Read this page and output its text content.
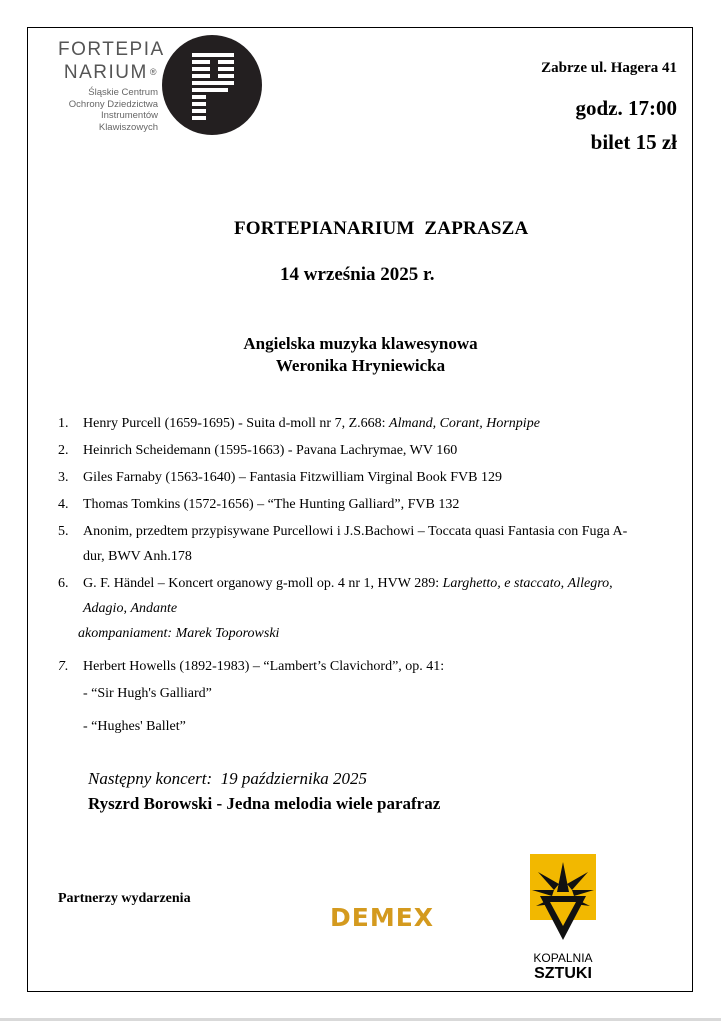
FORTEPIA
NARIUM ®
Śląskie Centrum
Ochrony Dziedzictwa
Instrumentów
Klawiszowych
Zabrze ul. Hagera 41
godz. 17:00
bilet 15 zł
FORTEPIANARIUM  ZAPRASZA
14 września 2025 r.
Angielska muzyka klawesynowa
Weronika Hryniewicka
1. Henry Purcell (1659-1695) - Suita d-moll nr 7, Z.668: Almand, Corant, Hornpipe
2. Heinrich Scheidemann (1595-1663) - Pavana Lachrymae, WV 160
3. Giles Farnaby (1563-1640) – Fantasia Fitzwilliam Virginal Book FVB 129
4. Thomas Tomkins (1572-1656) – “The Hunting Galliard”, FVB 132
5. Anonim, przedtem przypisywane Purcellowi i J.S.Bachowi – Toccata quasi Fantasia con Fuga A-
dur, BWV Anh.178
6. G. F. Händel – Koncert organowy g-moll op. 4 nr 1, HVW 289: Larghetto, e staccato, Allegro,
Adagio, Andante

akompaniament: Marek Toporowski
7. Herbert Howells (1892-1983) – “Lambert’s Clavichord”, op. 41:
- “Sir Hugh's Galliard”
- “Hughes' Ballet”
Następny koncert:  19 października 2025
Ryszrd Borowski - Jedna melodia wiele parafraz
Partnerzy wydarzenia
DEMEX
KOPALNIA
SZTUKI
